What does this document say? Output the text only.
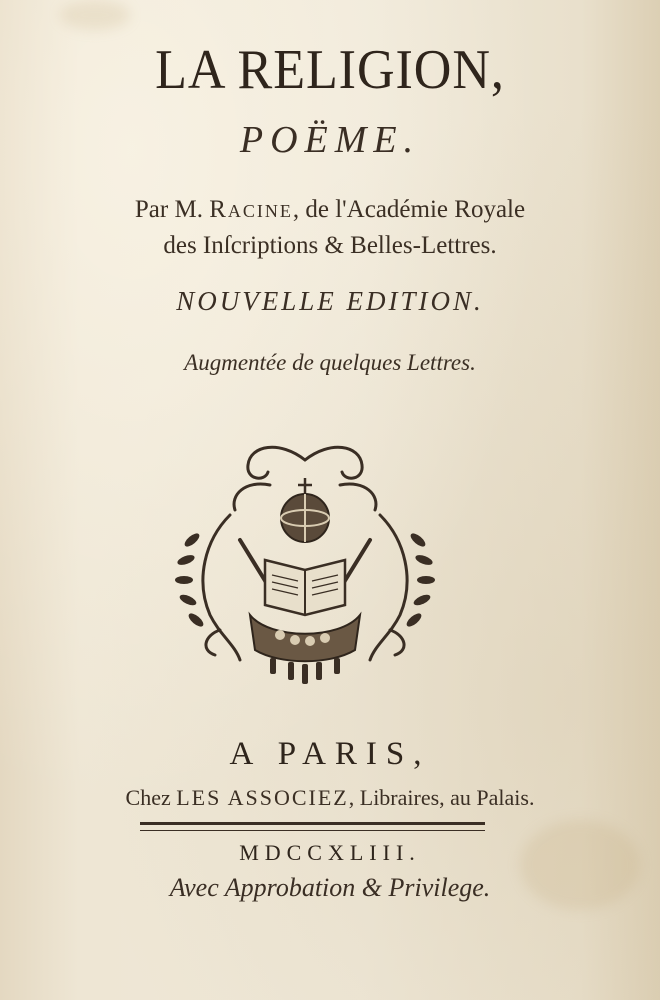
LA RELIGION,
POËME.
Par M. Racine, de l'Académie Royale
des Inſcriptions & Belles-Lettres.
NOUVELLE EDITION.
Augmentée de quelques Lettres.
A PARIS,
Chez LES ASSOCIEZ, Libraires, au Palais.
MDCCXLIII.
Avec Approbation & Privilege.
